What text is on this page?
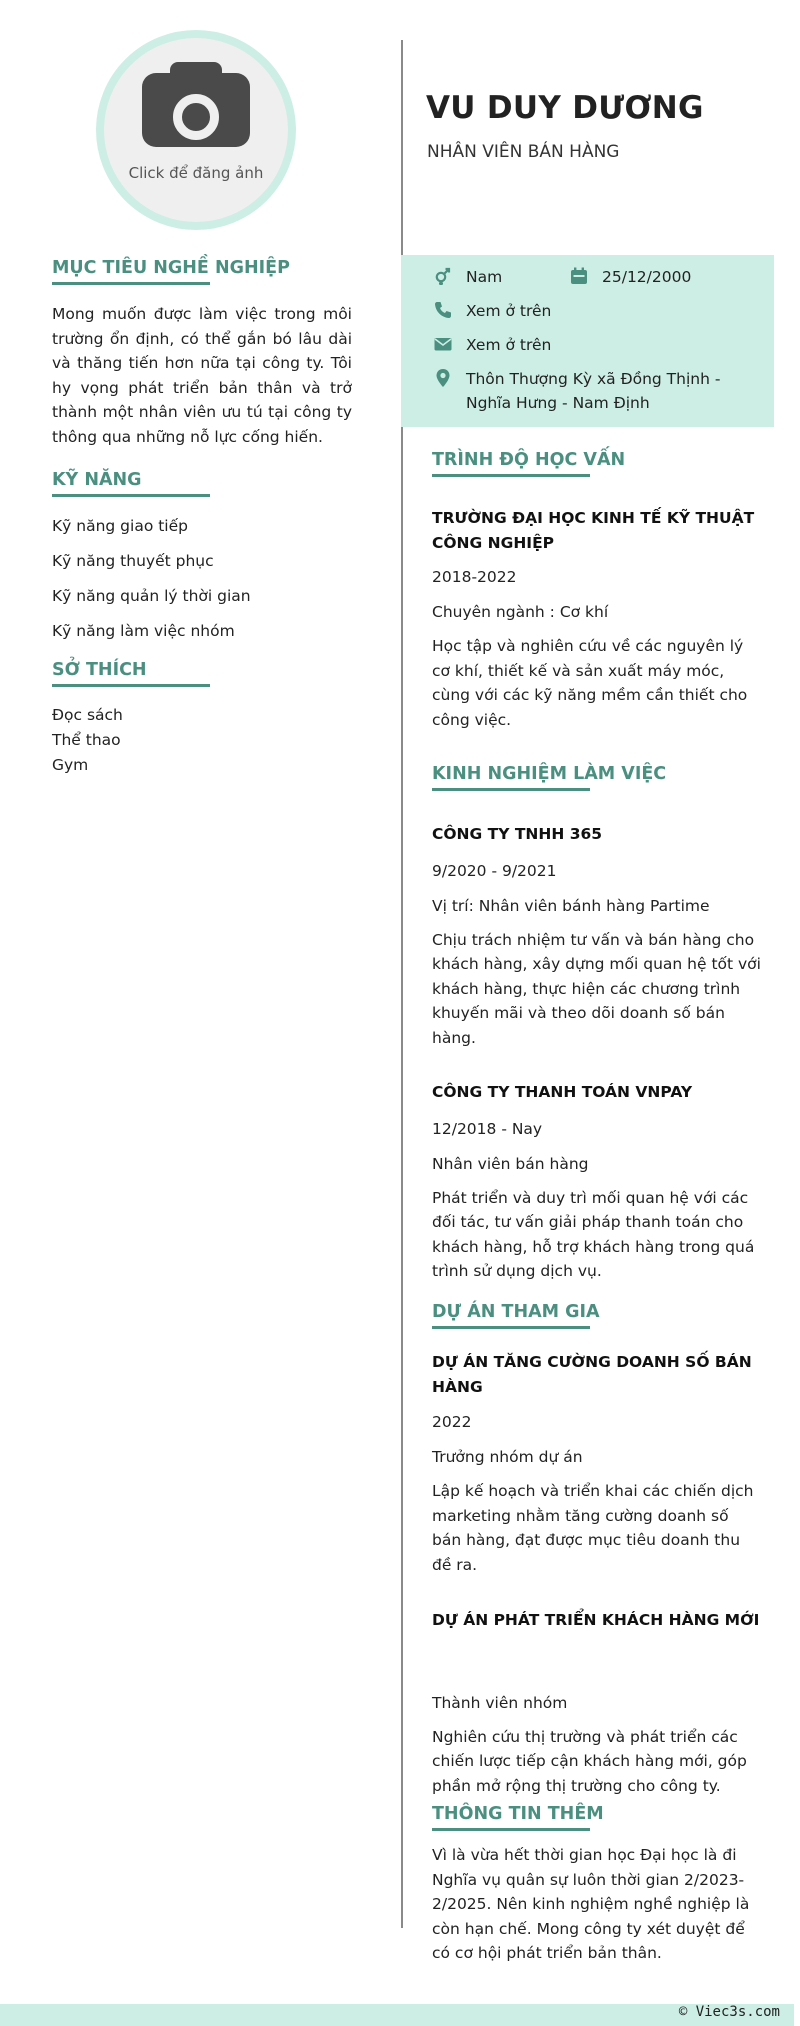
Click để đăng ảnh
MỤC TIÊU NGHỀ NGHIỆP

Mong muốn được làm việc trong môi trường ổn định, có thể gắn bó lâu dài và thăng tiến hơn nữa tại công ty. Tôi hy vọng phát triển bản thân và trở thành một nhân viên ưu tú tại công ty thông qua những nỗ lực cống hiến.

KỸ NĂNG
Kỹ năng giao tiếp
Kỹ năng thuyết phục
Kỹ năng quản lý thời gian
Kỹ năng làm việc nhóm
SỞ THÍCH
Đọc sách
Thể thao
Gym
VU DUY DƯƠNG
NHÂN VIÊN BÁN HÀNG
Nam	25/12/2000
Xem ở trên
Xem ở trên
Thôn Thượng Kỳ xã Đồng Thịnh -
Nghĩa Hưng - Nam Định
TRÌNH ĐỘ HỌC VẤN
TRƯỜNG ĐẠI HỌC KINH TẾ KỸ THUẬT CÔNG NGHIỆP
2018-2022
Chuyên ngành : Cơ khí
Học tập và nghiên cứu về các nguyên lý cơ khí, thiết kế và sản xuất máy móc, cùng với các kỹ năng mềm cần thiết cho công việc.
KINH NGHIỆM LÀM VIỆC
CÔNG TY TNHH 365
9/2020 - 9/2021
Vị trí: Nhân viên bánh hàng Partime
Chịu trách nhiệm tư vấn và bán hàng cho khách hàng, xây dựng mối quan hệ tốt với khách hàng, thực hiện các chương trình khuyến mãi và theo dõi doanh số bán hàng.
CÔNG TY THANH TOÁN VNPAY
12/2018 - Nay
Nhân viên bán hàng
Phát triển và duy trì mối quan hệ với các đối tác, tư vấn giải pháp thanh toán cho khách hàng, hỗ trợ khách hàng trong quá trình sử dụng dịch vụ.
DỰ ÁN THAM GIA
DỰ ÁN TĂNG CƯỜNG DOANH SỐ BÁN HÀNG
2022
Trưởng nhóm dự án
Lập kế hoạch và triển khai các chiến dịch marketing nhằm tăng cường doanh số bán hàng, đạt được mục tiêu doanh thu đề ra.
DỰ ÁN PHÁT TRIỂN KHÁCH HÀNG MỚI
Thành viên nhóm
Nghiên cứu thị trường và phát triển các chiến lược tiếp cận khách hàng mới, góp phần mở rộng thị trường cho công ty.
THÔNG TIN THÊM
Vì là vừa hết thời gian học Đại học là đi Nghĩa vụ quân sự luôn thời gian 2/2023-2/2025. Nên kinh nghiệm nghề nghiệp là còn hạn chế. Mong công ty xét duyệt để có cơ hội phát triển bản thân.
© Viec3s.com
